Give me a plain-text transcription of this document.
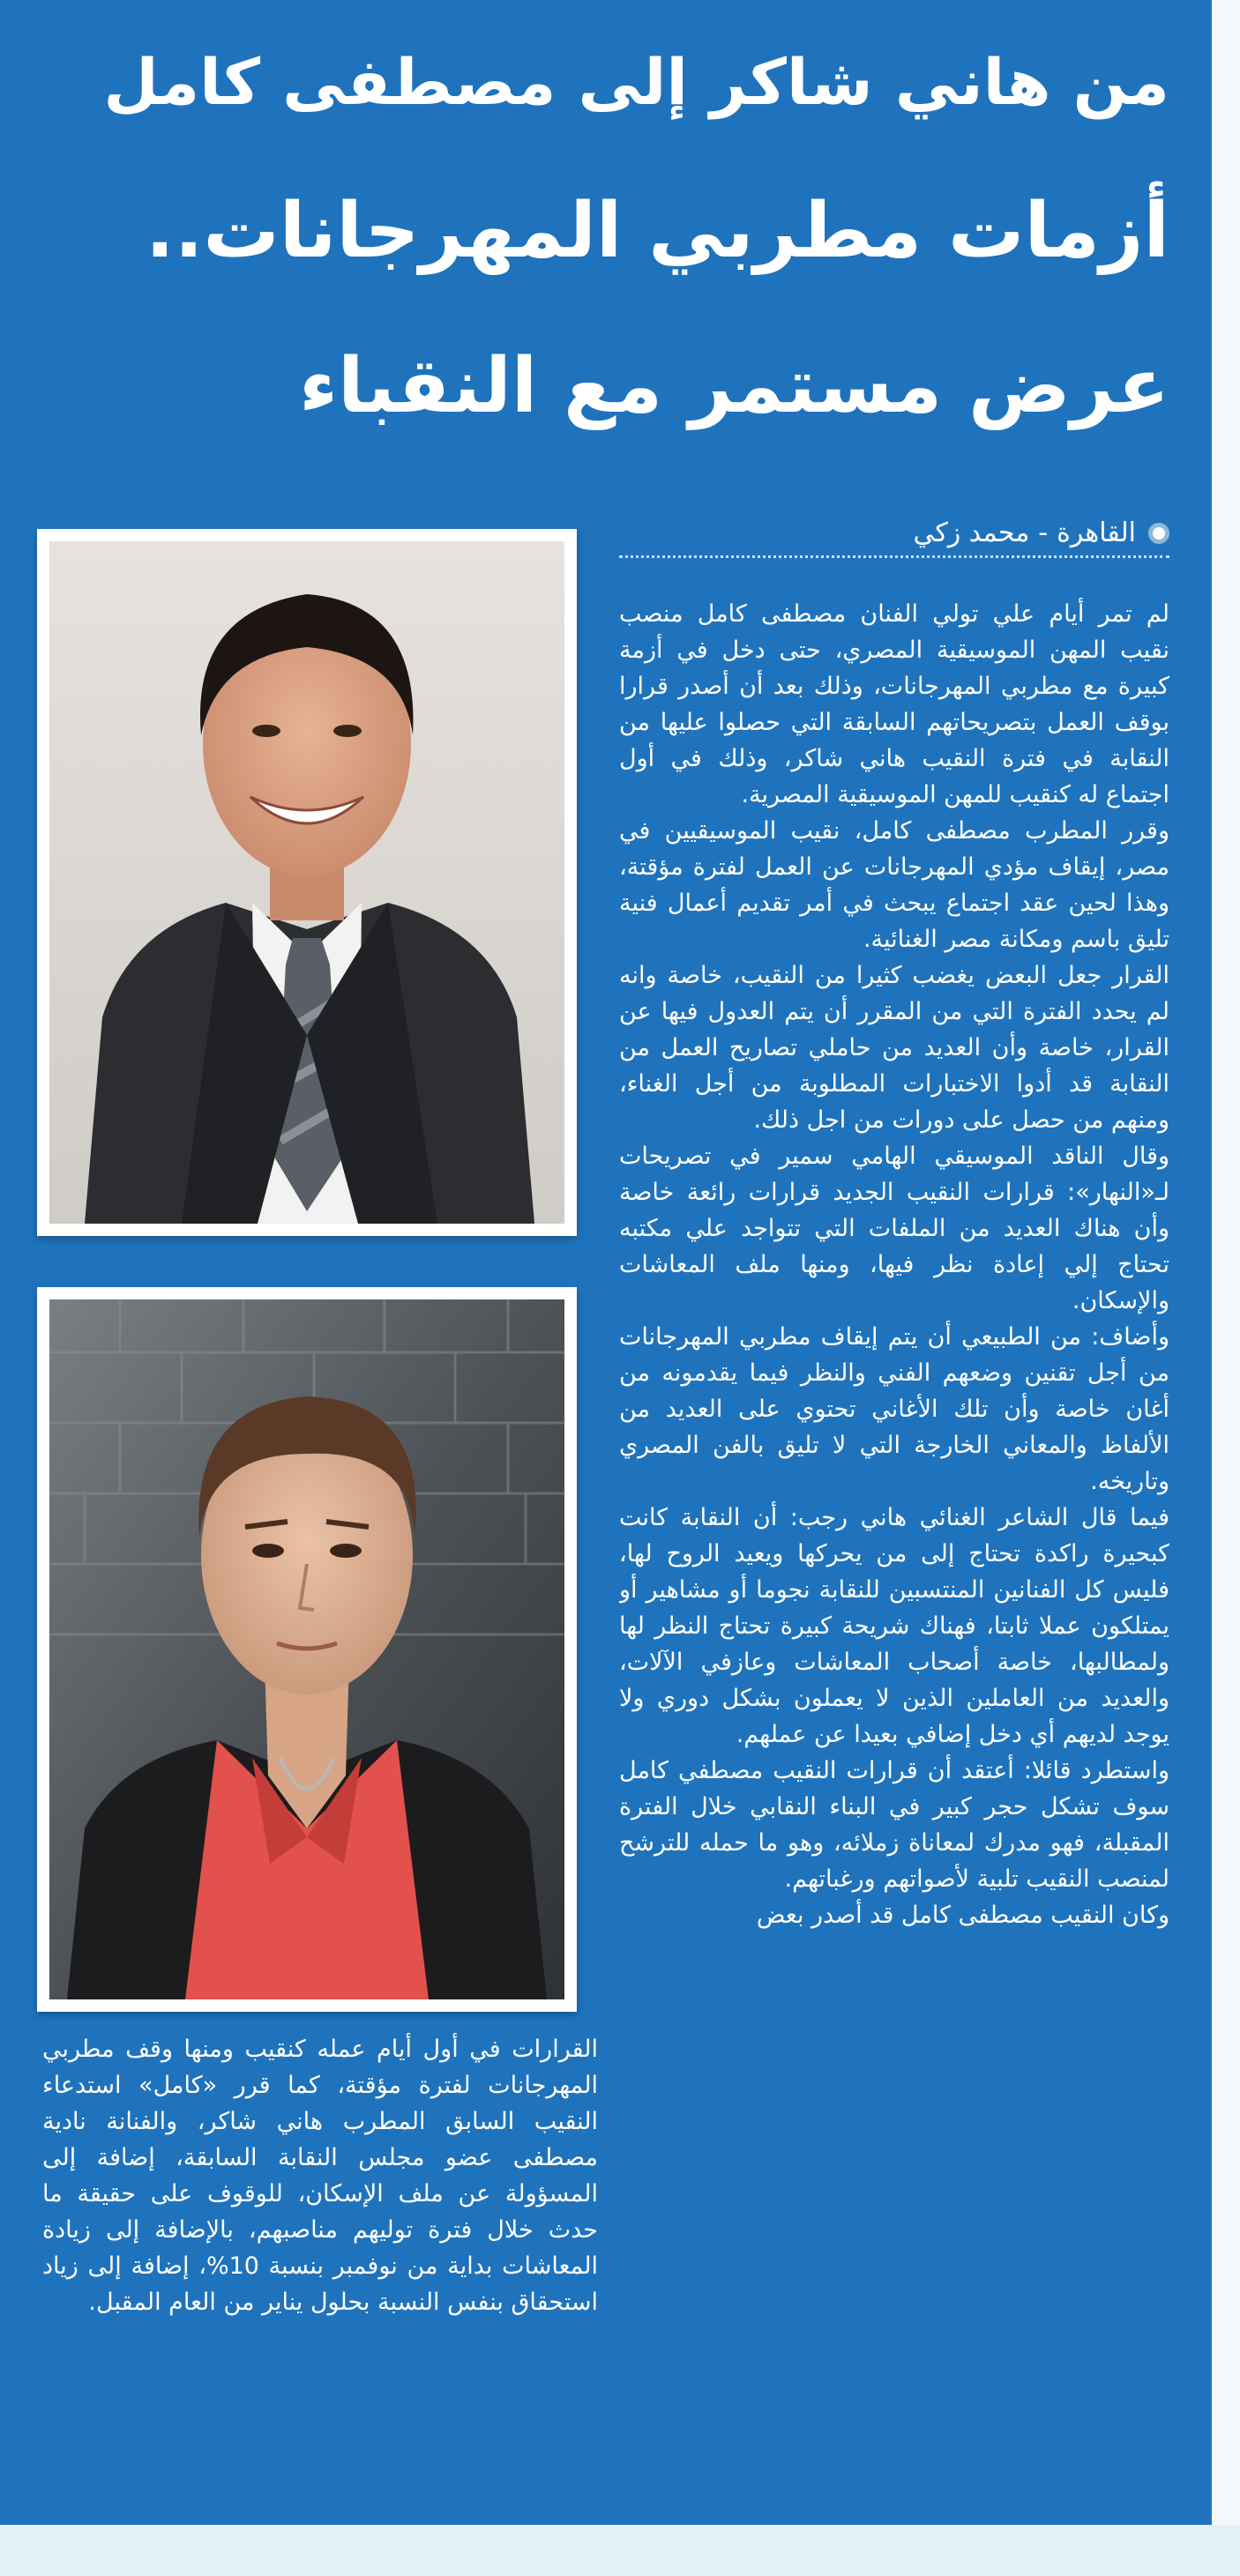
من هاني شاكر إلى مصطفى كامل
أزمات مطربي المهرجانات..
عرض مستمر مع النقباء
القاهرة-محمد زكي

لم تمر أيام علي تولي الفنان مصطفى كامل منصب نقيب المهن الموسيقية المصري، حتى دخل في أزمة كبيرة مع مطربي المهرجانات، وذلك بعد أن أصدر قرارا بوقف العمل بتصريحاتهم السابقة التي حصلوا عليها من النقابة في فترة النقيب هاني شاكر، وذلك في أول اجتماع له كنقيب للمهن الموسيقية المصرية.

وقرر المطرب مصطفى كامل، نقيب الموسيقيين في مصر، إيقاف مؤدي المهرجانات عن العمل لفترة مؤقتة، وهذا لحين عقد اجتماع يبحث في أمر تقديم أعمال فنية تليق باسم ومكانة مصر الغنائية.

القرار جعل البعض يغضب كثيرا من النقيب، خاصة وانه لم يحدد الفترة التي من المقرر أن يتم العدول فيها عن القرار، خاصة وأن العديد من حاملي تصاريح العمل من النقابة قد أدوا الاختبارات المطلوبة من أجل الغناء، ومنهم من حصل على دورات من اجل ذلك.

وقال الناقد الموسيقي الهامي سمير في تصريحات لـ«النهار»: قرارات النقيب الجديد قرارات رائعة خاصة وأن هناك العديد من الملفات التي تتواجد علي مكتبه تحتاج إلي إعادة نظر فيها، ومنها ملف المعاشات والإسكان.

وأضاف: من الطبيعي أن يتم إيقاف مطربي المهرجانات من أجل تقنين وضعهم الفني والنظر فيما يقدمونه من أغان خاصة وأن تلك الأغاني تحتوي على العديد من الألفاظ والمعاني الخارجة التي لا تليق بالفن المصري وتاريخه.

فيما قال الشاعر الغنائي هاني رجب: أن النقابة كانت كبحيرة راكدة تحتاج إلى من يحركها ويعيد الروح لها، فليس كل الفنانين المنتسبين للنقابة نجوما أو مشاهير أو يمتلكون عملا ثابتا، فهناك شريحة كبيرة تحتاج النظر لها ولمطالبها، خاصة أصحاب المعاشات وعازفي الآلات، والعديد من العاملين الذين لا يعملون بشكل دوري ولا يوجد لديهم أي دخل إضافي بعيدا عن عملهم.

واستطرد قائلا: أعتقد أن قرارات النقيب مصطفي كامل سوف تشكل حجر كبير في البناء النقابي خلال الفترة المقبلة، فهو مدرك لمعاناة زملائه، وهو ما حمله للترشح لمنصب النقيب تلبية لأصواتهم ورغباتهم.

وكان النقيب مصطفى كامل قد أصدر بعض

القرارات في أول أيام عمله كنقيب ومنها وقف مطربي المهرجانات لفترة مؤقتة، كما قرر «كامل» استدعاء النقيب السابق المطرب هاني شاكر، والفنانة نادية مصطفى عضو مجلس النقابة السابقة، إضافة إلى المسؤولة عن ملف الإسكان، للوقوف على حقيقة ما حدث خلال فترة توليهم مناصبهم، بالإضافة إلى زيادة المعاشات بداية من نوفمبر بنسبة 10%، إضافة إلى زياد استحقاق بنفس النسبة بحلول يناير من العام المقبل.
